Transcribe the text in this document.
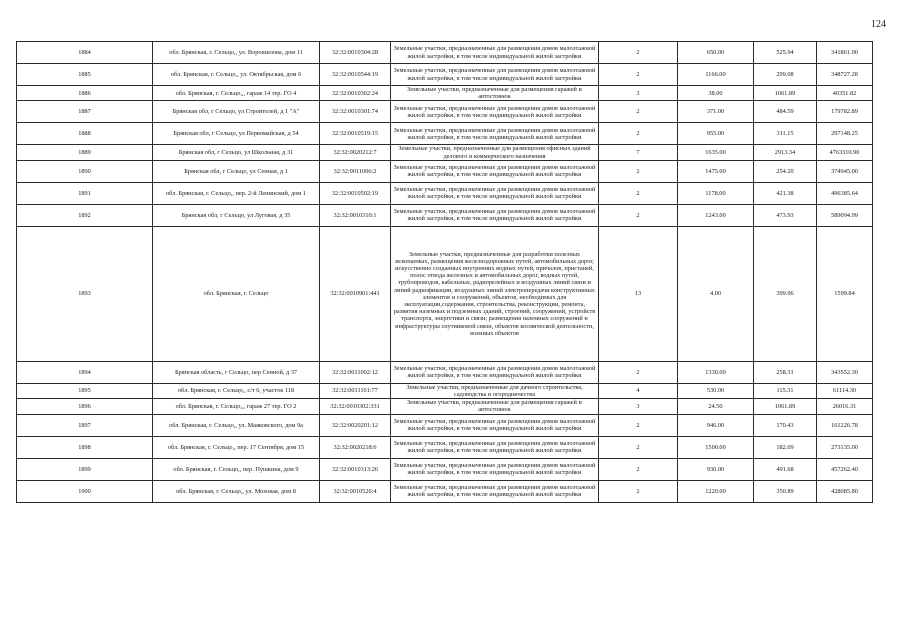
124
1884	обл. Брянская, г. Сельцо,, ул. Ворошилова, дом 11	32:32:0010304:28	Земельные участки, предназначенные для размещения домов малоэтажной жилой застройки, в том числе индивидуальной жилой застройки	2	650.00	525.94	341861.00
1885	обл. Брянская, г. Сельцо,, ул. Октябрьская, дом 6	32:32:0010544:19	Земельные участки, предназначенные для размещения домов малоэтажной жилой застройки, в том числе индивидуальной жилой застройки	2	1166.00	299.08	348727.28
1886	обл. Брянская, г. Сельцо,,, гараж 14 тер. ГО 4	32:32:0010302:24	Земельные участки, предназначенные для размещения гаражей и автостоянок	3	38.00	1061.89	40351.82
1887	Брянская обл, г Сельцо, ул Строителей, д 1 "А"	32:32:0010301:74	Земельные участки, предназначенные для размещения домов малоэтажной жилой застройки, в том числе индивидуальной жилой застройки	2	371.00	484.59	179782.89
1888	Брянская обл, г Сельцо, ул Первомайская, д 54	32:32:0010519:15	Земельные участки, предназначенные для размещения домов малоэтажной жилой застройки, в том числе индивидуальной жилой застройки	2	955.00	311.15	297148.25
1889	Брянская обл, г Сельцо, ул Школьная, д 31	32:32:0020212:7	Земельные участки, предназначенные для размещения офисных зданий делового и коммерческого назначения	7	1635.00	2913.34	4763310.90
1890	Брянская обл, г Сельцо, ул Сенная, д 1	32:32:0011006:2	Земельные участки, предназначенные для размещения домов малоэтажной жилой застройки, в том числе индивидуальной жилой застройки	2	1475.00	254.20	374945.00
1891	обл. Брянская, г. Сельцо,, пер. 2-й Ленинский, дом 1	32:32:0010502:19	Земельные участки, предназначенные для размещения домов малоэтажной жилой застройки, в том числе индивидуальной жилой застройки	2	1178.00	421.38	496385.64
1892	Брянская обл, г Сельцо, ул Луговая, д 35	32:32:0010310:1	Земельные участки, предназначенные для размещения домов малоэтажной жилой застройки, в том числе индивидуальной жилой застройки	2	1243.00	473.93	589094.99
1893	обл. Брянская, г. Сельцо	32:32:0010901:441	Земельные участки, предназначенные для разработки полезных ископаемых, размещения железнодорожных путей, автомобильных дорог, искусственно созданных внутренних водных путей, причалов, пристаней, полос отвода железных и автомобильных дорог, водных путей, трубопроводов, кабельных, радиорелейных и воздушных линий связи и линий радиофикации, воздушных линий электропередачи конструктивных элементов и сооружений, объектов, необходимых для эксплуатации,содержания, строительства, реконструкции, ремонта, развития наземных и подземных зданий, строений, сооружений, устройств транспорта, энергетики и связи; размещения наземных сооружений и инфраструктуры спутниковой связи, объектов космической деятельности, военных объектов	13	4.00	399.96	1599.84
1894	Брянская область, г Сельцо, пер Сенной, д 37	32:32:0011002:12	Земельные участки, предназначенные для размещения домов малоэтажной жилой застройки, в том числе индивидуальной жилой застройки	2	1330.00	258.31	343552.30
1895	обл. Брянская, г. Сельцо,, с/т 6, участок 118	32:32:0011101:77	Земельные участки, предназначенные для дачного строительства, садоводства и огородничества	4	530.00	115.31	61114.30
1896	обл. Брянская, г. Сельцо,,, гараж 27 тер. ГО 2	32:32:0010302:331	Земельные участки, предназначенные для размещения гаражей и автостоянок	3	24.50	1061.89	26016.31
1897	обл. Брянская, г. Сельцо,, ул. Маяковского, дом 9а	32:32:0020201:12	Земельные участки, предназначенные для размещения домов малоэтажной жилой застройки, в том числе индивидуальной жилой застройки	2	946.00	170.43	161226.78
1898	обл. Брянская, г. Сельцо,, пер. 17 Сентября, дом 15	32:32:0020218:6	Земельные участки, предназначенные для размещения домов малоэтажной жилой застройки, в том числе индивидуальной жилой застройки	2	1500.00	182.09	273135.00
1899	обл. Брянская, г. Сельцо,, пер. Пушкина, дом 9	32:32:0010313:26	Земельные участки, предназначенные для размещения домов малоэтажной жилой застройки, в том числе индивидуальной жилой застройки	2	930.00	491.68	457262.40
1900	обл. Брянская, г. Сельцо,, ул. Моховая, дом 8	32:32:0010526:4	Земельные участки, предназначенные для размещения домов малоэтажной жилой застройки, в том числе индивидуальной жилой застройки	2	1220.00	350.89	428085.80
